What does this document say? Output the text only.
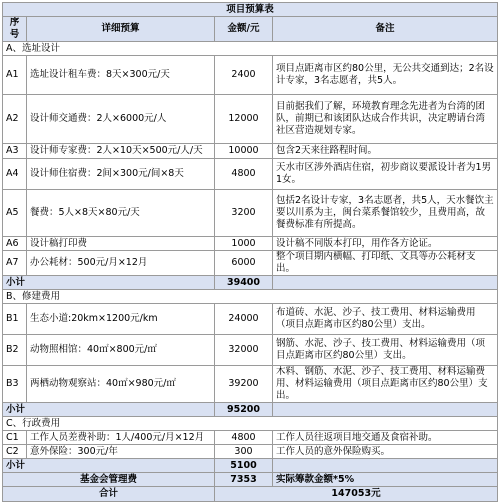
项目预算表			
序号	详细预算	金额/元	备注
A、选址设计			
A1	选址设计租车费：8天×300元/天	2400	项目点距离市区约80公里，无公共交通到达；2名设计专家，3名志愿者，共5人。
A2	设计师交通费：2人×6000元/人	12000	目前据我们了解，环境教育理念先进者为台湾的团队，前期已和该团队达成合作共识，决定聘请台湾社区营造规划专家。
A3	设计师专家费：2人×10天×500元/人/天	10000	包含2天来往路程时间。
A4	设计师住宿费：2间×300元/间×8天	4800	天水市区涉外酒店住宿，初步商议要派设计者为1男1女。
A5	餐费：5人×8天×80元/天	3200	包括2名设计专家，3名志愿者，共5人，天水餐饮主要以川系为主，闽台菜系餐馆较少，且费用高，故餐费标准有所提高。
A6	设计稿打印费	1000	设计稿不同版本打印，用作各方论证。
A7	办公耗材：500元/月×12月	6000	整个项目期内横幅、打印纸、文具等办公耗材支出。
小计		39400	
B、修建费用			
B1	生态小道:20km×1200元/km	24000	布道砖、水泥、沙子、技工费用、材料运输费用（项目点距离市区约80公里）支出。
B2	动物照相馆：40㎡×800元/㎡	32000	钢筋、水泥、沙子、技工费用、材料运输费用（项目点距离市区约80公里）支出。
B3	两栖动物观察站：40㎡×980元/㎡	39200	木料、钢筋、水泥、沙子、技工费用、材料运输费用、材料运输费用（项目点距离市区约80公里）支出。
小计		95200	
C、行政费用			
C1	工作人员差费补助：1人/400元/月×12月	4800	工作人员往返项目地交通及食宿补助。
C2	意外保险：300元/年	300	工作人员的意外保险购买。
小计		5100	
基金会管理费		7353	实际筹款金额*5%
合计		147053元	
